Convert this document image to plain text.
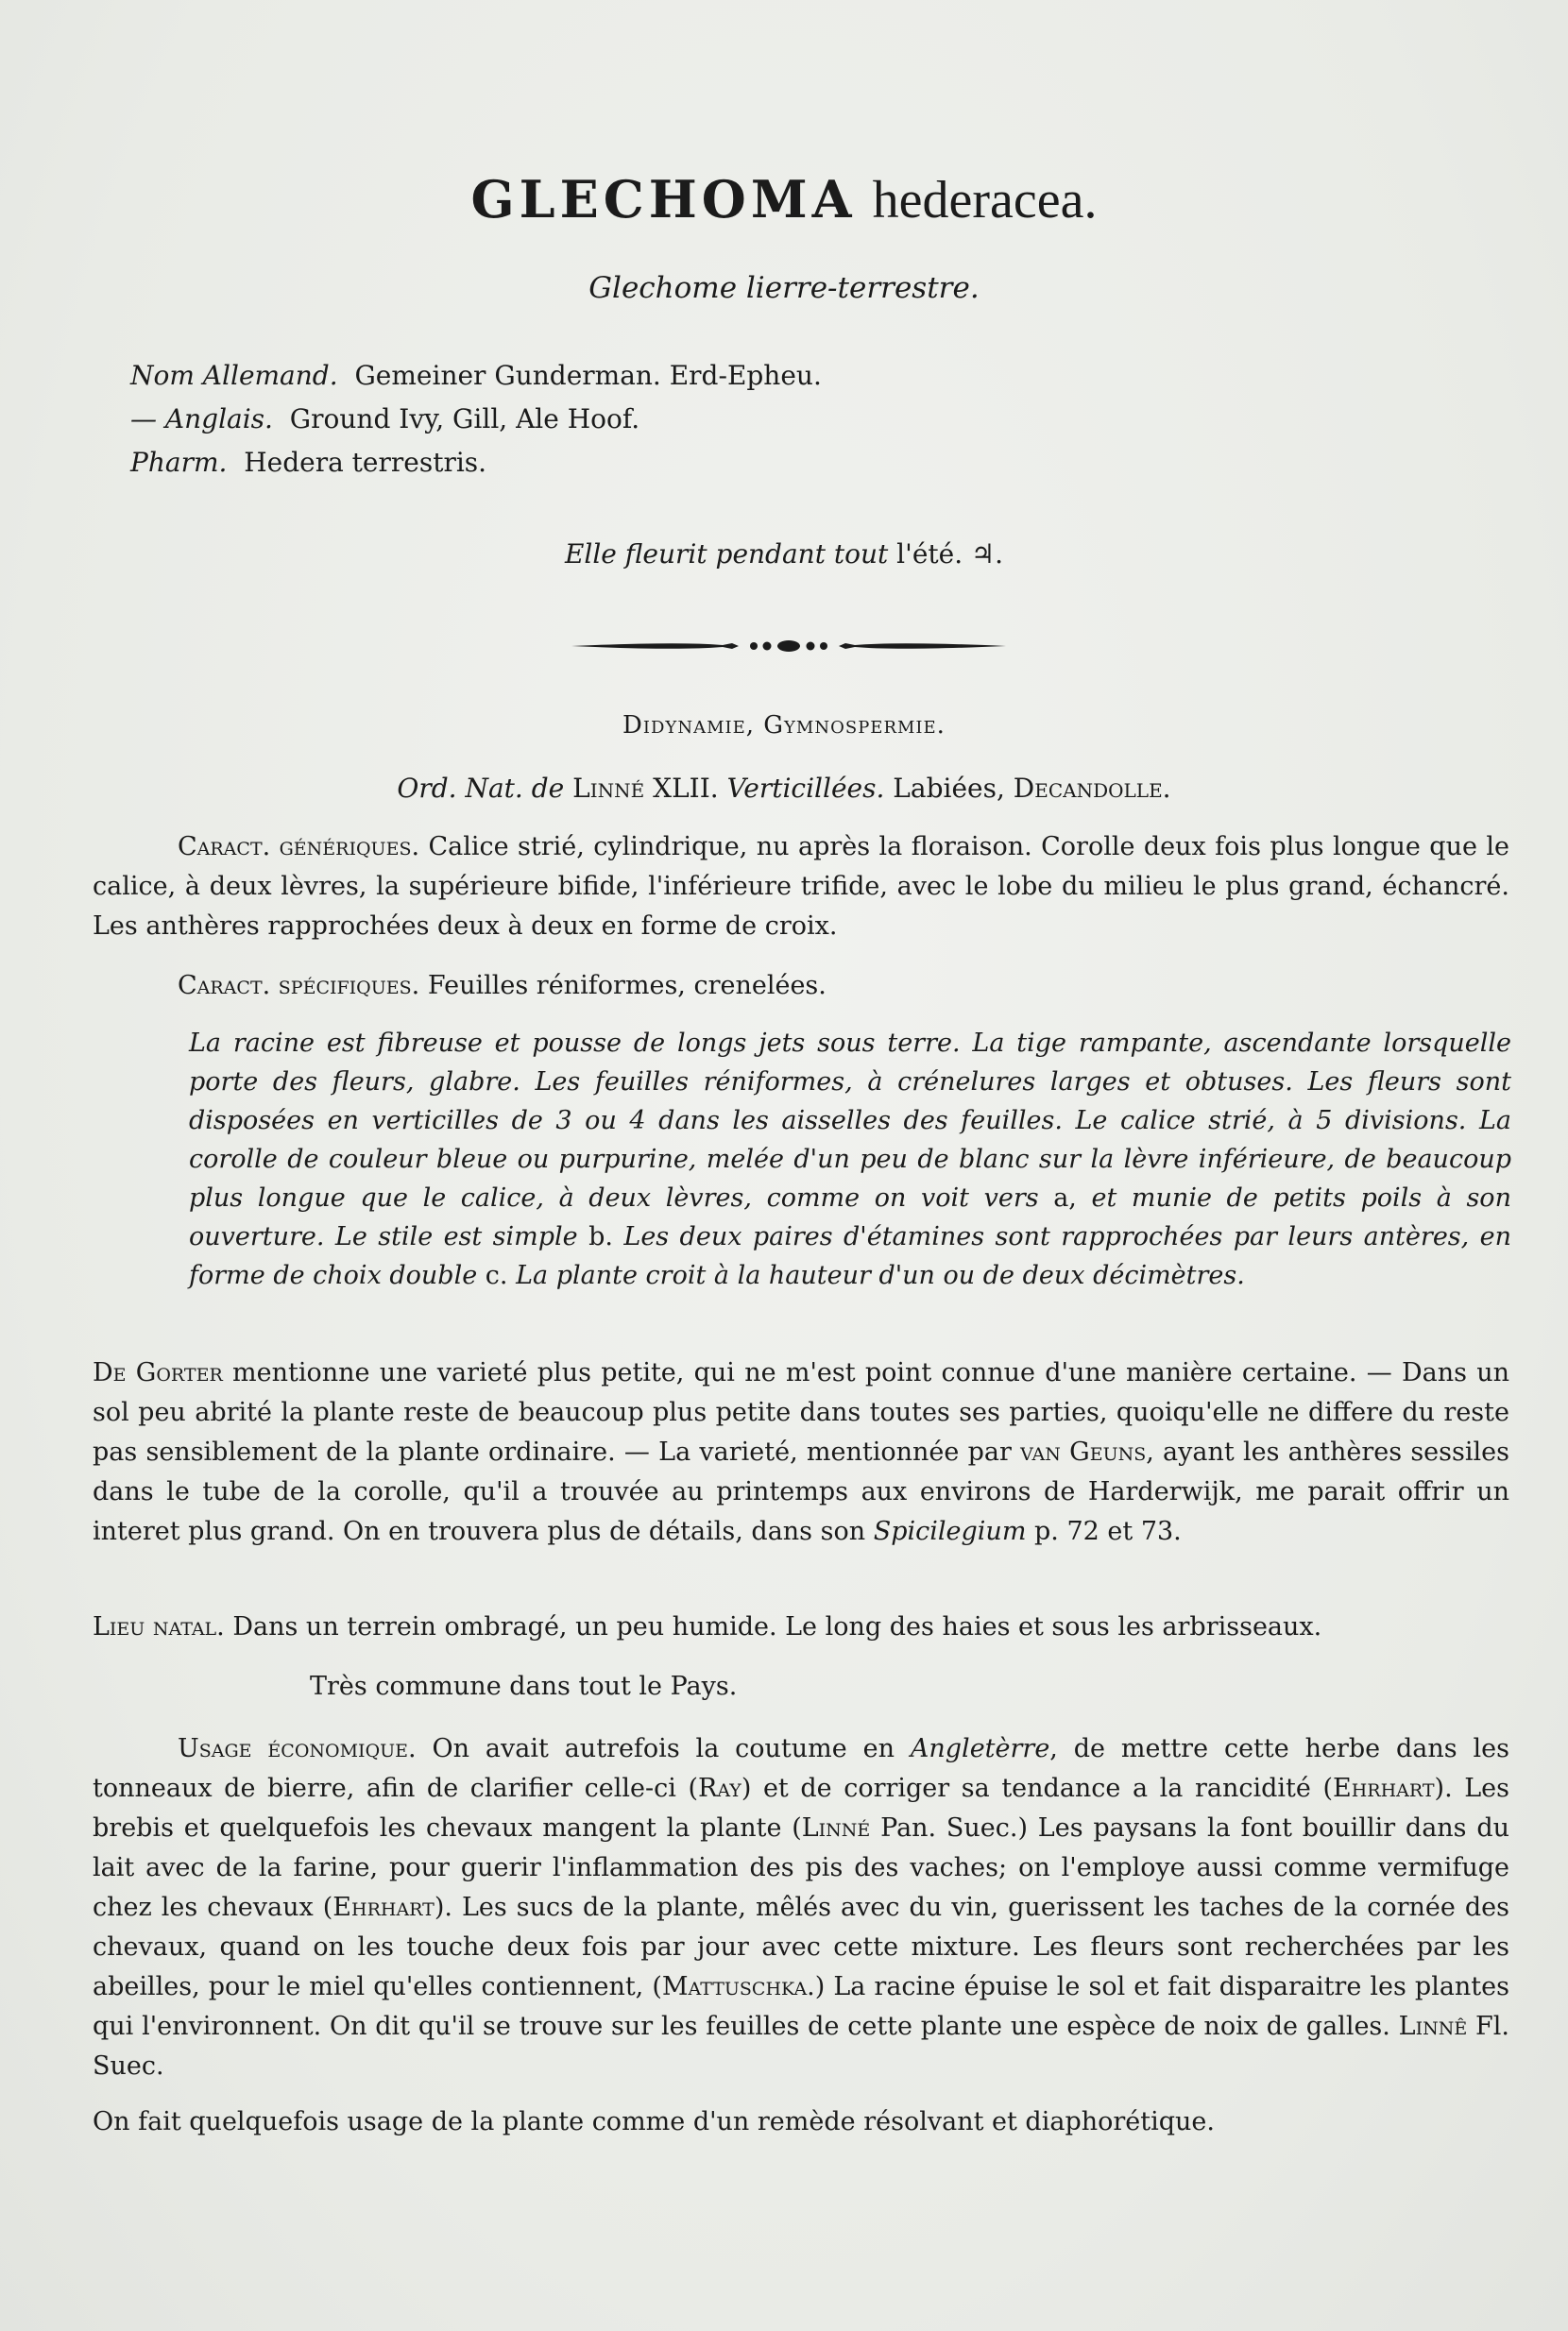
GLECHOMA hederacea.
Glechome lierre-terrestre.
Nom Allemand. Gemeiner Gunderman. Erd-Epheu.
— Anglais. Ground Ivy, Gill, Ale Hoof.
Pharm. Hedera terrestris.
Elle fleurit pendant tout l'été. ♃.
Didynamie, Gymnospermie.
Ord. Nat. de Linné XLII. Verticillées. Labiées, Decandolle.
Caract. génériques. Calice strié, cylindrique, nu après la floraison. Corolle deux fois plus longue que le calice, à deux lèvres, la supérieure bifide, l'inférieure trifide, avec le lobe du milieu le plus grand, échancré. Les anthères rapprochées deux à deux en forme de croix.
Caract. spécifiques. Feuilles réniformes, crenelées.
La racine est fibreuse et pousse de longs jets sous terre. La tige rampante, ascendante lorsquelle porte des fleurs, glabre. Les feuilles réniformes, à crénelures larges et obtuses. Les fleurs sont disposées en verticilles de 3 ou 4 dans les aisselles des feuilles. Le calice strié, à 5 divisions. La corolle de couleur bleue ou purpurine, melée d'un peu de blanc sur la lèvre inférieure, de beaucoup plus longue que le calice, à deux lèvres, comme on voit vers a, et munie de petits poils à son ouverture. Le stile est simple b. Les deux paires d'étamines sont rapprochées par leurs antères, en forme de choix double c. La plante croit à la hauteur d'un ou de deux décimètres.
De Gorter mentionne une varieté plus petite, qui ne m'est point connue d'une manière certaine. — Dans un sol peu abrité la plante reste de beaucoup plus petite dans toutes ses parties, quoiqu'elle ne differe du reste pas sensiblement de la plante ordinaire. — La varieté, mentionnée par van Geuns, ayant les anthères sessiles dans le tube de la corolle, qu'il a trouvée au printemps aux environs de Harderwijk, me parait offrir un interet plus grand. On en trouvera plus de détails, dans son Spicilegium p. 72 et 73.
Lieu natal. Dans un terrein ombragé, un peu humide. Le long des haies et sous les arbrisseaux.
Très commune dans tout le Pays.
Usage économique. On avait autrefois la coutume en Angletèrre, de mettre cette herbe dans les tonneaux de bierre, afin de clarifier celle-ci (Ray) et de corriger sa tendance a la rancidité (Ehrhart). Les brebis et quelquefois les chevaux mangent la plante (Linné Pan. Suec.) Les paysans la font bouillir dans du lait avec de la farine, pour guerir l'inflammation des pis des vaches; on l'employe aussi comme vermifuge chez les chevaux (Ehrhart). Les sucs de la plante, mêlés avec du vin, guerissent les taches de la cornée des chevaux, quand on les touche deux fois par jour avec cette mixture. Les fleurs sont recherchées par les abeilles, pour le miel qu'elles contiennent, (Mattuschka.) La racine épuise le sol et fait disparaitre les plantes qui l'environnent. On dit qu'il se trouve sur les feuilles de cette plante une espèce de noix de galles. Linnê Fl. Suec.
On fait quelquefois usage de la plante comme d'un remède résolvant et diaphorétique.
